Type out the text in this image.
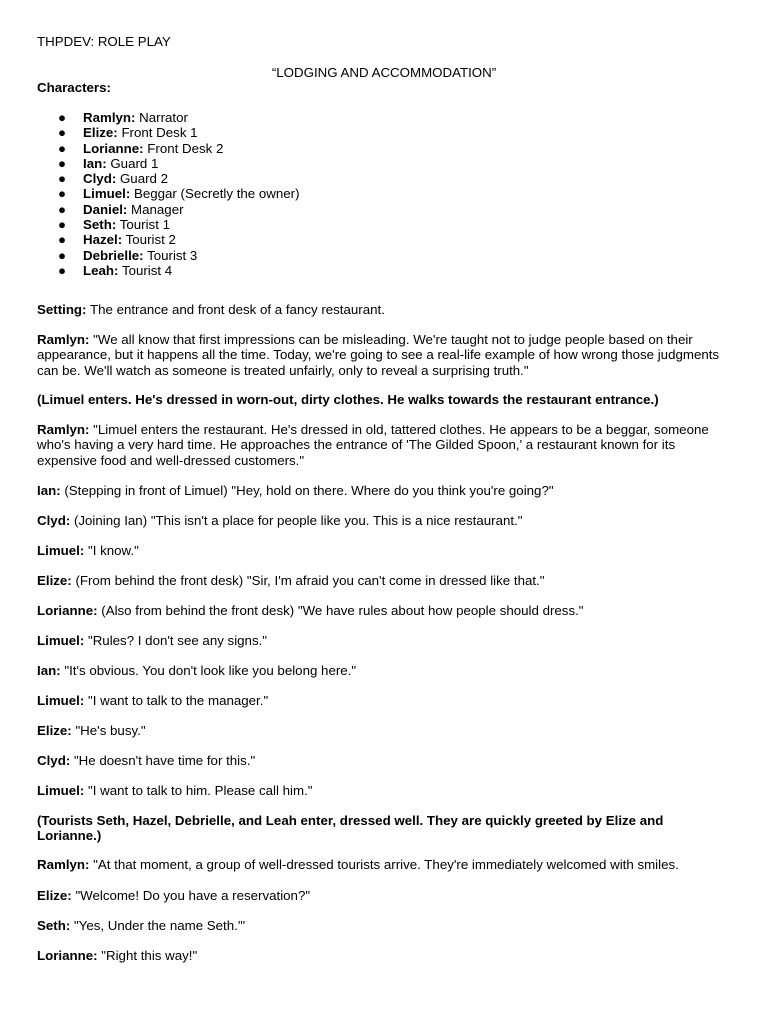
THPDEV: ROLE PLAY

“LODGING AND ACCOMMODATION”

Characters:

● Ramlyn: Narrator
● Elize: Front Desk 1
● Lorianne: Front Desk 2
● Ian: Guard 1
● Clyd: Guard 2
● Limuel: Beggar (Secretly the owner)
● Daniel: Manager
● Seth: Tourist 1
● Hazel: Tourist 2
● Debrielle: Tourist 3
● Leah: Tourist 4

Setting: The entrance and front desk of a fancy restaurant.

Ramlyn: "We all know that first impressions can be misleading. We're taught not to judge people based on their appearance, but it happens all the time. Today, we're going to see a real-life example of how wrong those judgments can be. We'll watch as someone is treated unfairly, only to reveal a surprising truth."

(Limuel enters. He's dressed in worn-out, dirty clothes. He walks towards the restaurant entrance.)

Ramlyn: "Limuel enters the restaurant. He's dressed in old, tattered clothes. He appears to be a beggar, someone who's having a very hard time. He approaches the entrance of 'The Gilded Spoon,' a restaurant known for its expensive food and well-dressed customers."

Ian: (Stepping in front of Limuel) "Hey, hold on there. Where do you think you're going?"

Clyd: (Joining Ian) "This isn't a place for people like you. This is a nice restaurant."

Limuel: "I know."

Elize: (From behind the front desk) "Sir, I'm afraid you can't come in dressed like that."

Lorianne: (Also from behind the front desk) "We have rules about how people should dress."

Limuel: "Rules? I don't see any signs."

Ian: "It's obvious. You don't look like you belong here."

Limuel: "I want to talk to the manager."

Elize: "He's busy."

Clyd: "He doesn't have time for this."

Limuel: "I want to talk to him. Please call him."

(Tourists Seth, Hazel, Debrielle, and Leah enter, dressed well. They are quickly greeted by Elize and Lorianne.)

Ramlyn: "At that moment, a group of well-dressed tourists arrive. They're immediately welcomed with smiles.

Elize: "Welcome! Do you have a reservation?"

Seth: "Yes, Under the name Seth.'"

Lorianne: "Right this way!"
